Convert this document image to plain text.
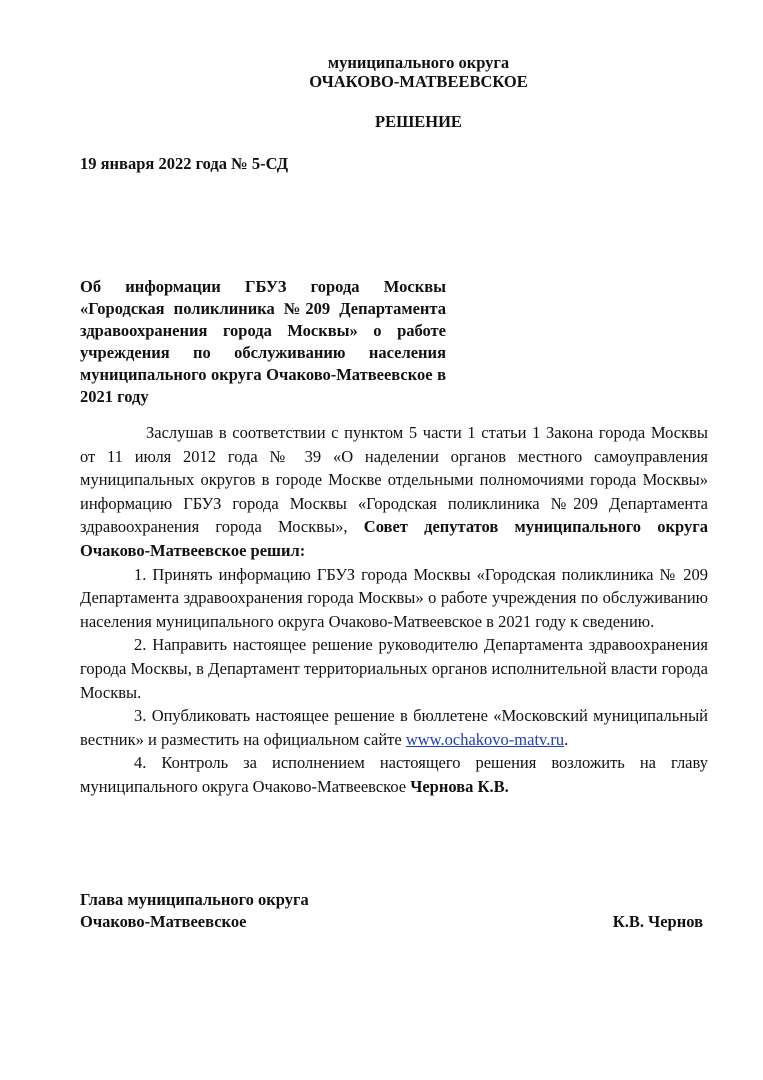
муниципального округа
ОЧАКОВО-МАТВЕЕВСКОЕ
РЕШЕНИЕ
19 января 2022 года № 5-СД
Об информации ГБУЗ города Москвы «Городская поликлиника №209 Департамента здравоохранения города Москвы» о работе учреждения по обслуживанию населения муниципального округа Очаково-Матвеевское в 2021 году

Заслушав в соответствии с пунктом 5 части 1 статьи 1 Закона города Москвы от 11 июля 2012 года № 39 «О наделении органов местного самоуправления муниципальных округов в городе Москве отдельными полномочиями города Москвы» информацию ГБУЗ города Москвы «Городская поликлиника №209 Департамента здравоохранения города Москвы», Совет депутатов муниципального округа Очаково-Матвеевское решил:

1. Принять информацию ГБУЗ города Москвы «Городская поликлиника № 209 Департамента здравоохранения города Москвы» о работе учреждения по обслуживанию населения муниципального округа Очаково-Матвеевское в 2021 году к сведению.

2. Направить настоящее решение руководителю Департамента здравоохранения города Москвы, в Департамент территориальных органов исполнительной власти города Москвы.

3. Опубликовать настоящее решение в бюллетене «Московский муниципальный вестник» и разместить на официальном сайте www.ochakovo-matv.ru.

4. Контроль за исполнением настоящего решения возложить на главу муниципального округа Очаково-Матвеевское Чернова К.В.

Глава муниципального округа
Очаково-Матвеевское	К.В. Чернов
